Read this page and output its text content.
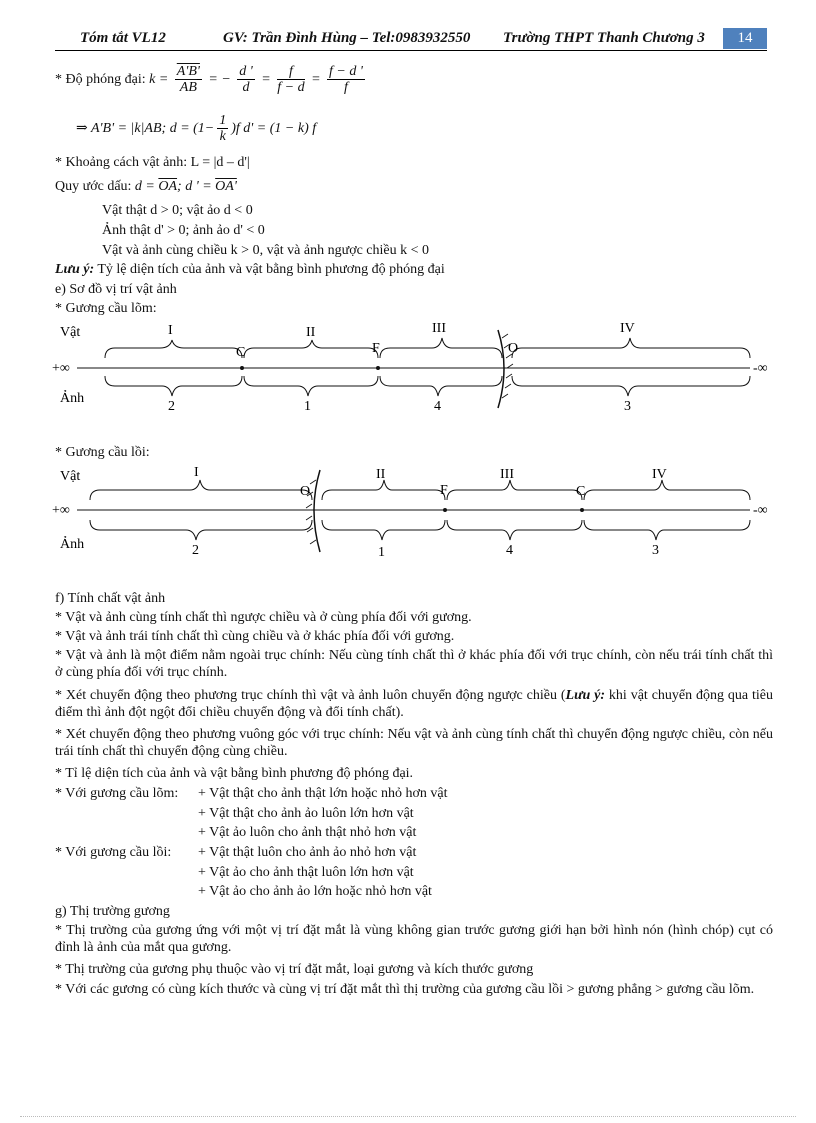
Tóm tắt VL12	GV: Trần Đình Hùng – Tel:0983932550 Trường THPT Thanh Chương 3	14
* Độ phóng đại: $k = \frac{A'B'}{AB}$ = − $\frac{d '}{d} = \frac{f}{f - d} = \frac{f - d '}{f}$
⇒ A'B' = |k|AB; $d = (1- \frac{1}{k} )f$ d' = (1 − k) f
* Khoảng cách vật ảnh: L = |d – d'|
Quy ước dấu: $d = \overline{OA}$; d ' = OA'
Vật thật d > 0; vật ảo d < 0
Ảnh thật d' > 0; ảnh ảo d' < 0
Vật và ảnh cùng chiều k > 0, vật và ảnh ngược chiều k < 0
Lưu ý: Tỷ lệ diện tích của ảnh và vật bằng bình phương độ phóng đại
e) Sơ đồ vị trí vật ảnh
* Gương cầu lõm:
Vật
Ảnh
+∞	-∞
I	II	III	IV
C	F	O
2	1	4	3
* Gương cầu lồi:
Vật
Ảnh
+∞	-∞
I	II	III	IV
O	F	C
2	1	4	3
f) Tính chất vật ảnh
* Vật và ảnh cùng tính chất thì ngược chiều và ở cùng phía đối với gương.
* Vật và ảnh trái tính chất thì cùng chiều và ở khác phía đối với gương.
* Vật và ảnh là một điểm nằm ngoài trục chính: Nếu cùng tính chất thì ở khác phía đối với trục chính, còn nếu trái tính chất thì ở cùng phía đối với trục chính.
* Xét chuyển động theo phương trục chính thì vật và ảnh luôn chuyển động ngược chiều (Lưu ý: khi vật chuyển động qua tiêu điểm thì ảnh đột ngột đổi chiều chuyển động và đổi tính chất).
* Xét chuyển động theo phương vuông góc với trục chính: Nếu vật và ảnh cùng tính chất thì chuyển động ngược chiều, còn nếu trái tính chất thì chuyển động cùng chiều.
* Tỉ lệ diện tích của ảnh và vật bằng bình phương độ phóng đại.
* Với gương cầu lõm: + Vật thật cho ảnh thật lớn hoặc nhỏ hơn vật
+ Vật thật cho ảnh ảo luôn lớn hơn vật
+ Vật ảo luôn cho ảnh thật nhỏ hơn vật
* Với gương cầu lồi: + Vật thật luôn cho ảnh ảo nhỏ hơn vật
+ Vật ảo cho ảnh thật luôn lớn hơn vật
+ Vật ảo cho ảnh ảo lớn hoặc nhỏ hơn vật
g) Thị trường gương
* Thị trường của gương ứng với một vị trí đặt mắt là vùng không gian trước gương giới hạn bởi hình nón (hình chóp) cụt có đỉnh là ảnh của mắt qua gương.
* Thị trường của gương phụ thuộc vào vị trí đặt mắt, loại gương và kích thước gương
* Với các gương có cùng kích thước và cùng vị trí đặt mắt thì thị trường của gương cầu lồi > gương phẳng > gương cầu lõm.
